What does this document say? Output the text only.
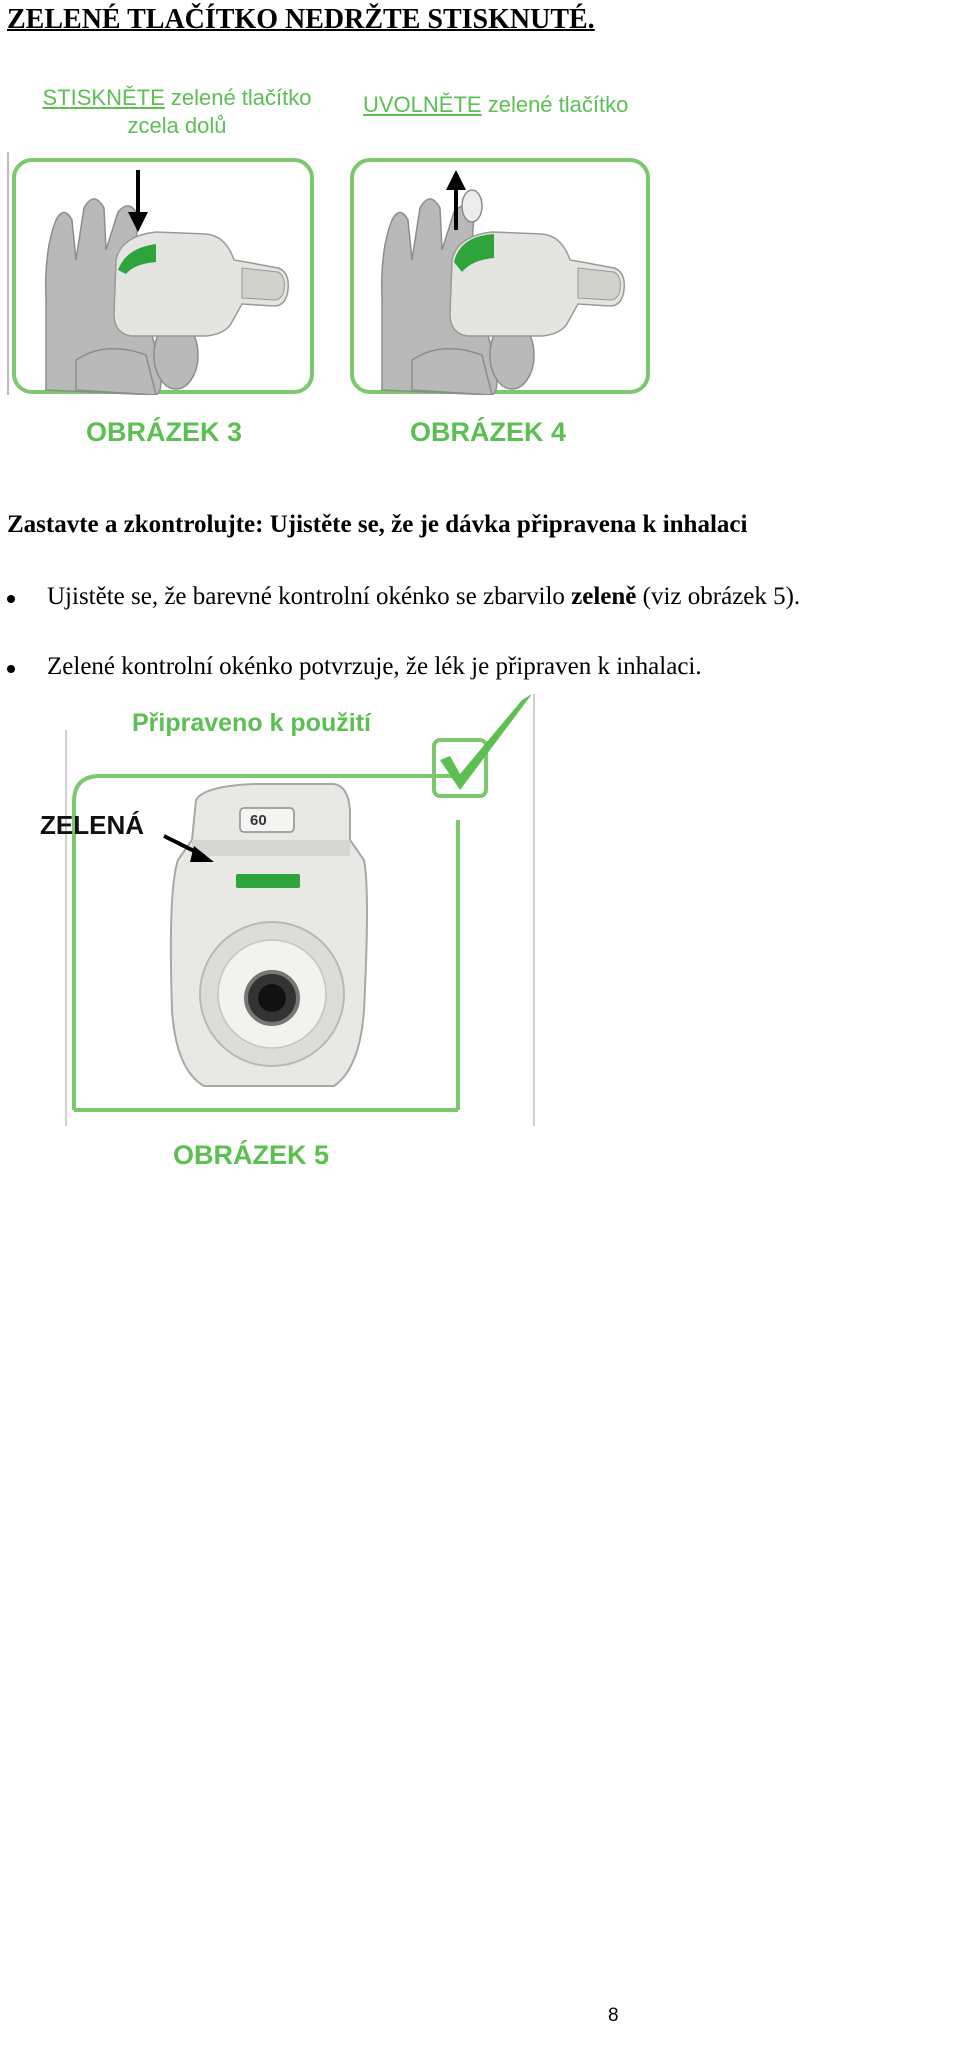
ZELENÉ TLAČÍTKO NEDRŽTE STISKNUTÉ.
STISKNĚTE zelené tlačítko
zcela dolů
UVOLNĚTE zelené tlačítko
OBRÁZEK 3	OBRÁZEK 4
Zastavte a zkontrolujte: Ujistěte se, že je dávka připravena k inhalaci
Ujistěte se, že barevné kontrolní okénko se zbarvilo zeleně (viz obrázek 5).
Zelené kontrolní okénko potvrzuje, že lék je připraven k inhalaci.
60
Připraveno k použití
ZELENÁ
OBRÁZEK 5
8
